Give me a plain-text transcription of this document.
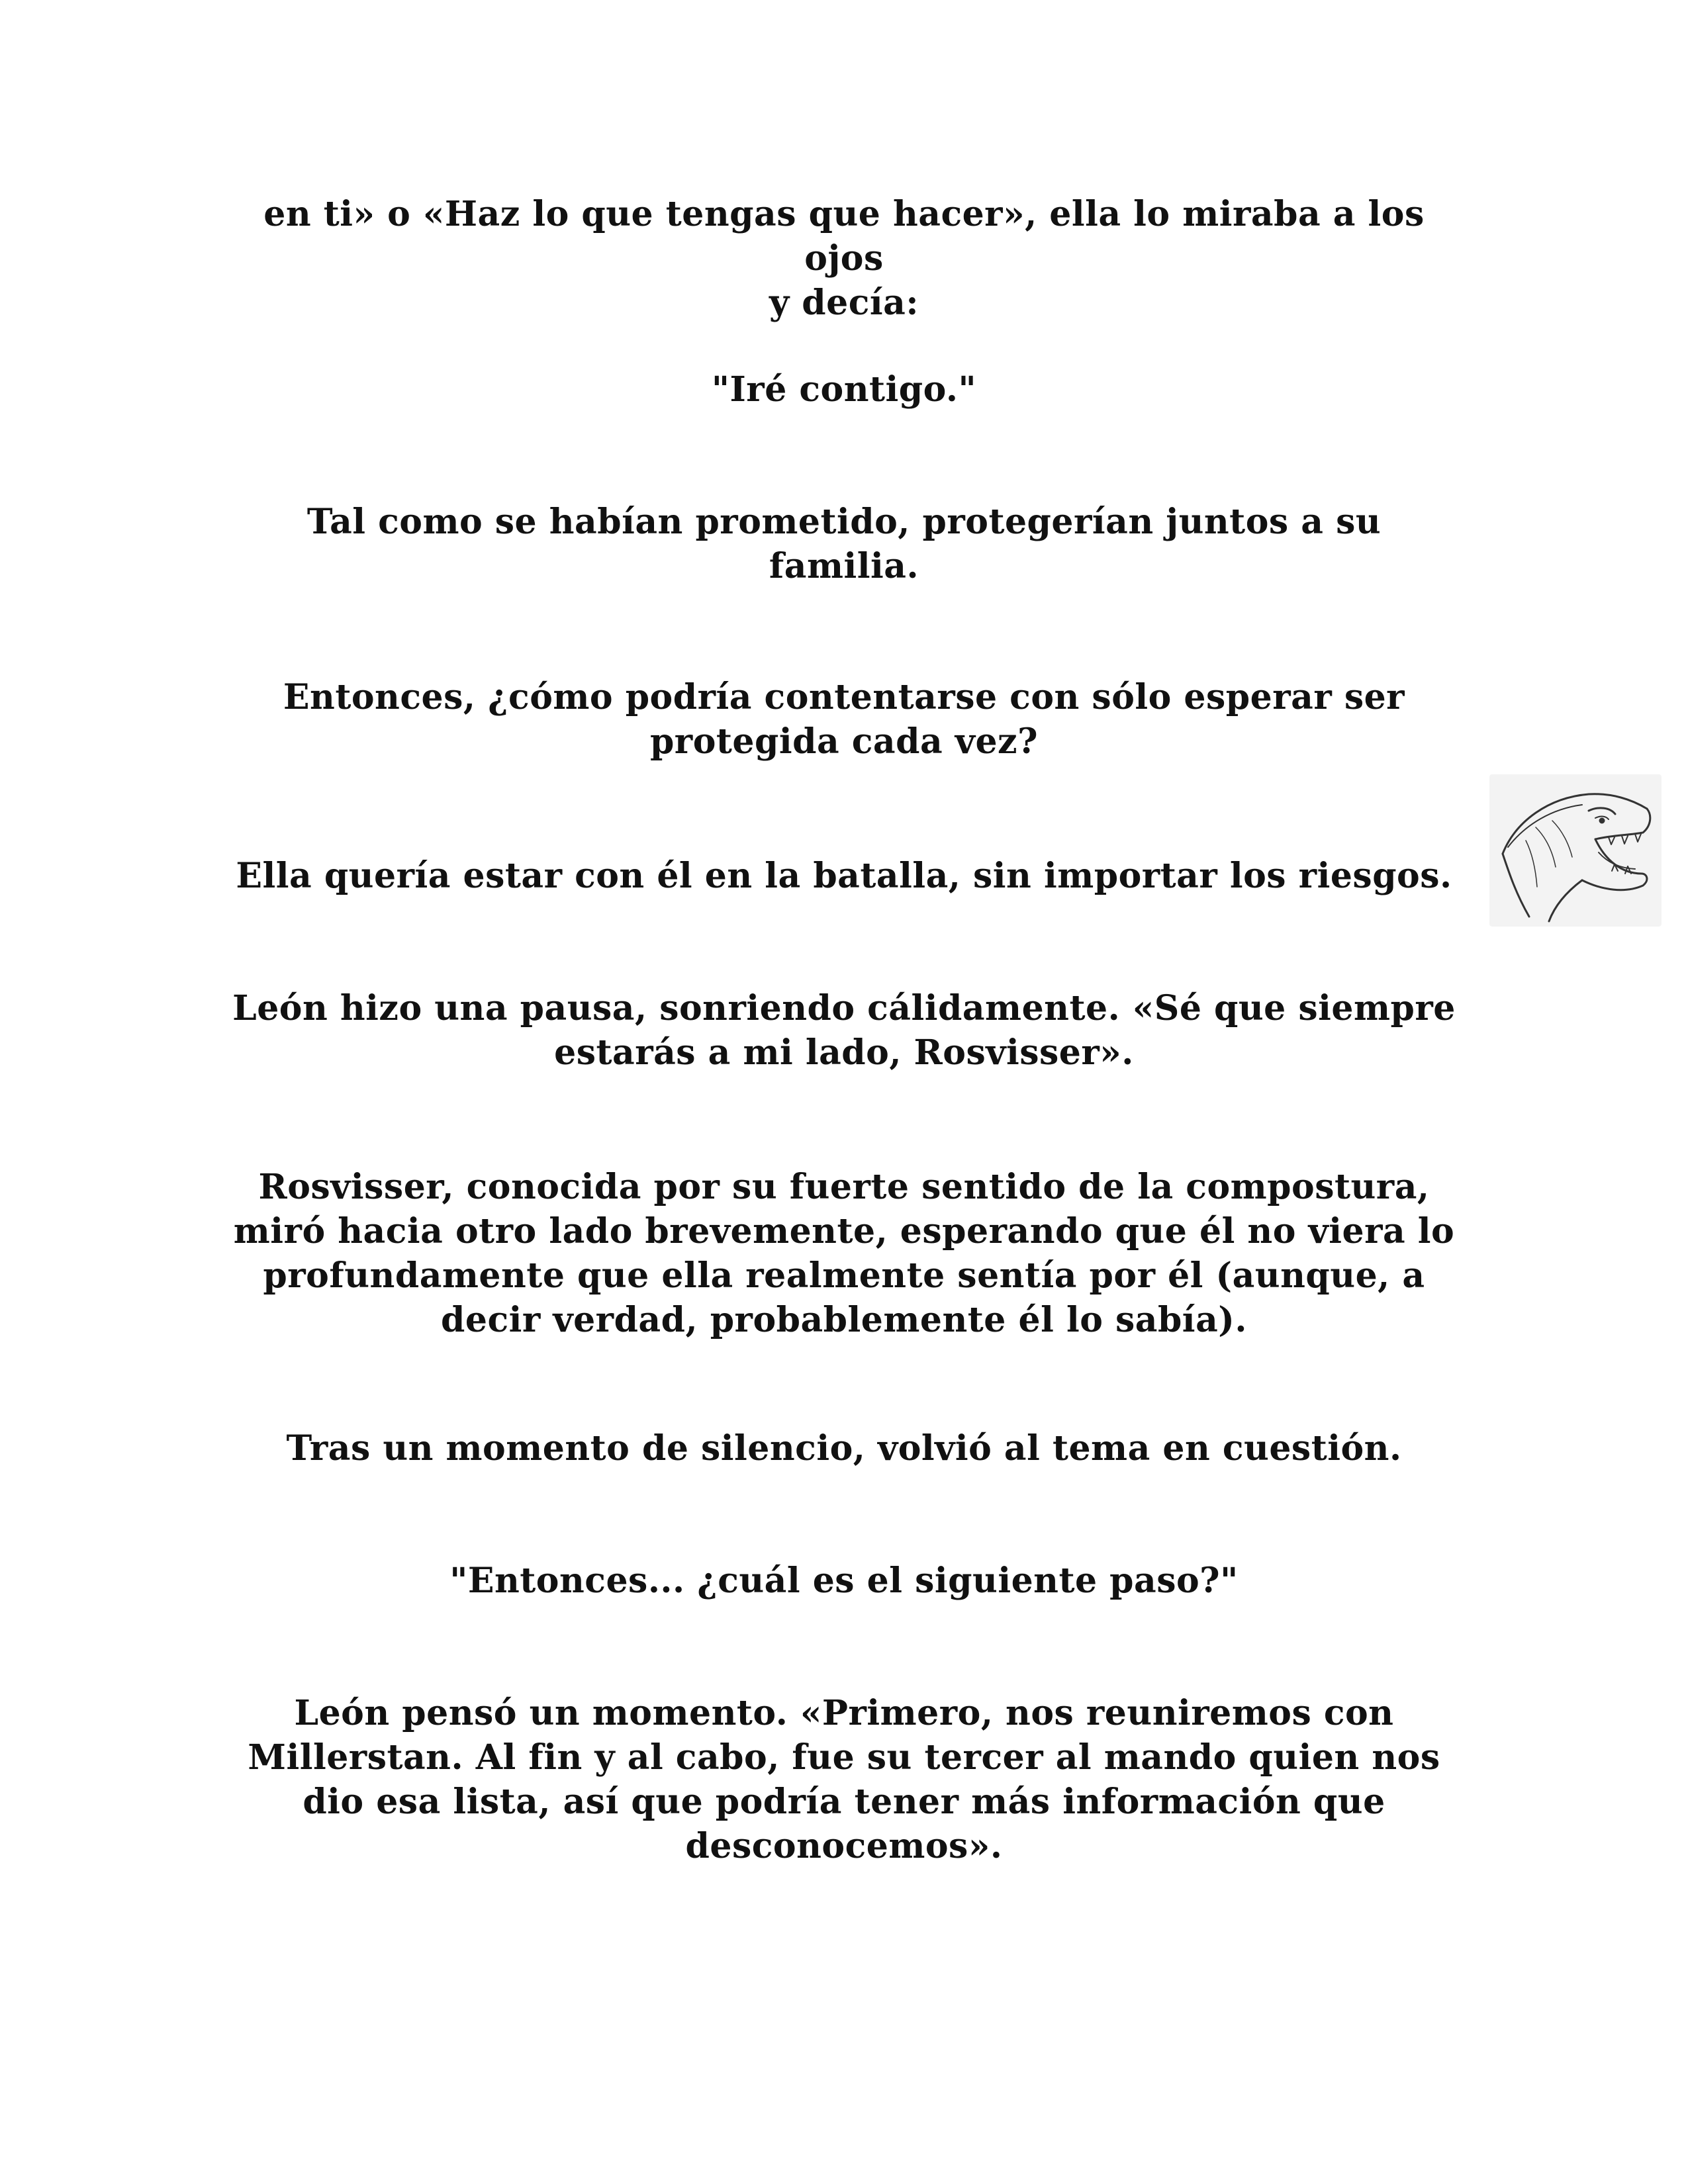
en ti» o «Haz lo que tengas que hacer», ella lo miraba a los ojos
y decía:

"Iré contigo."

Tal como se habían prometido, protegerían juntos a su
familia.

Entonces, ¿cómo podría contentarse con sólo esperar ser
protegida cada vez?

Ella quería estar con él en la batalla, sin importar los riesgos.

León hizo una pausa, sonriendo cálidamente. «Sé que siempre
estarás a mi lado, Rosvisser».

Rosvisser, conocida por su fuerte sentido de la compostura,
miró hacia otro lado brevemente, esperando que él no viera lo
profundamente que ella realmente sentía por él (aunque, a
decir verdad, probablemente él lo sabía).

Tras un momento de silencio, volvió al tema en cuestión.

"Entonces... ¿cuál es el siguiente paso?"

León pensó un momento. «Primero, nos reuniremos con
Millerstan. Al fin y al cabo, fue su tercer al mando quien nos
dio esa lista, así que podría tener más información que
desconocemos».
